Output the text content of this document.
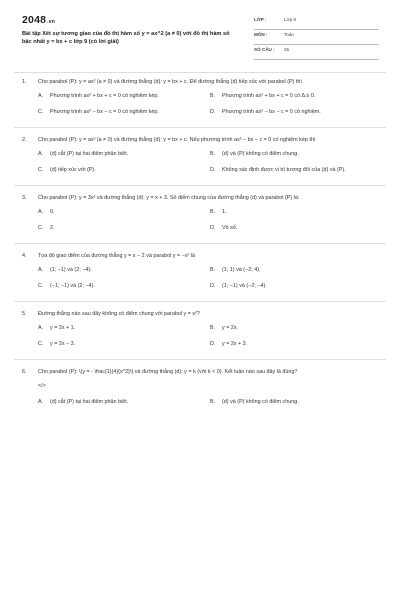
2048.vn
Bài tập Xét sự tương giao của đồ thị hàm số y = ax^2 (a ≠ 0) với đồ thị hàm số bậc nhất y = bx + c lớp 9 (có lời giải)
LỚP :	Lớp 9
MÔN :	Toán
SỐ CÂU : 25
1. Cho parabol (P): y = ax² (a ≠ 0) và đường thẳng (d): y = bx + c. Để đường thẳng (d) tiếp xúc với parabol (P) thì
A. Phương trình ax² + bx + c = 0 có nghiệm kép.	B. Phương trình ax² + bx + c = 0 có Δ ≥ 0.
C. Phương trình ax² − bx − c = 0 có nghiệm kép.	D. Phương trình ax² − bx − c = 0 có nghiệm.
2. Cho parabol (P): y = ax² (a ≠ 0) và đường thẳng (d): y = bx + c. Nếu phương trình ax² − bx − c = 0 có nghiệm kép thì
A. (d) cắt (P) tại hai điểm phân biệt.	B. (d) và (P) không có điểm chung.
C. (d) tiếp xúc với (P).	D. Không xác định được vị trí tương đối của (d) và (P).
3. Cho parabol (P): y = 3x² và đường thẳng (d): y = x + 3. Số điểm chung của đường thẳng (d) và parabol (P) là:
A. 0.	B. 1.
C. 2.	D. Vô số.
4. Tọa độ giao điểm của đường thẳng y = x − 2 và parabol y = −x² là
A. (1; −1) và (2; −4).	B. (1; 1) và (−2; 4).
C. (−1; −1) và (2; −4).	D. (1; −1) và (−2; −4).
5. Đường thẳng nào sau đây không có điểm chung với parabol y = x²?
A. y = 2x + 1.	B. y = 2x.
C. y = 2x − 3.	D. y = 2x + 3.
6. Cho parabol (P): \(y = - \frac{1}{4}{x^2}\) và đường thẳng (d): y = k (với k < 0). Kết luận nào sau đây là đúng?
</>
A. (d) cắt (P) tại hai điểm phân biệt.	B. (d) và (P) không có điểm chung.
